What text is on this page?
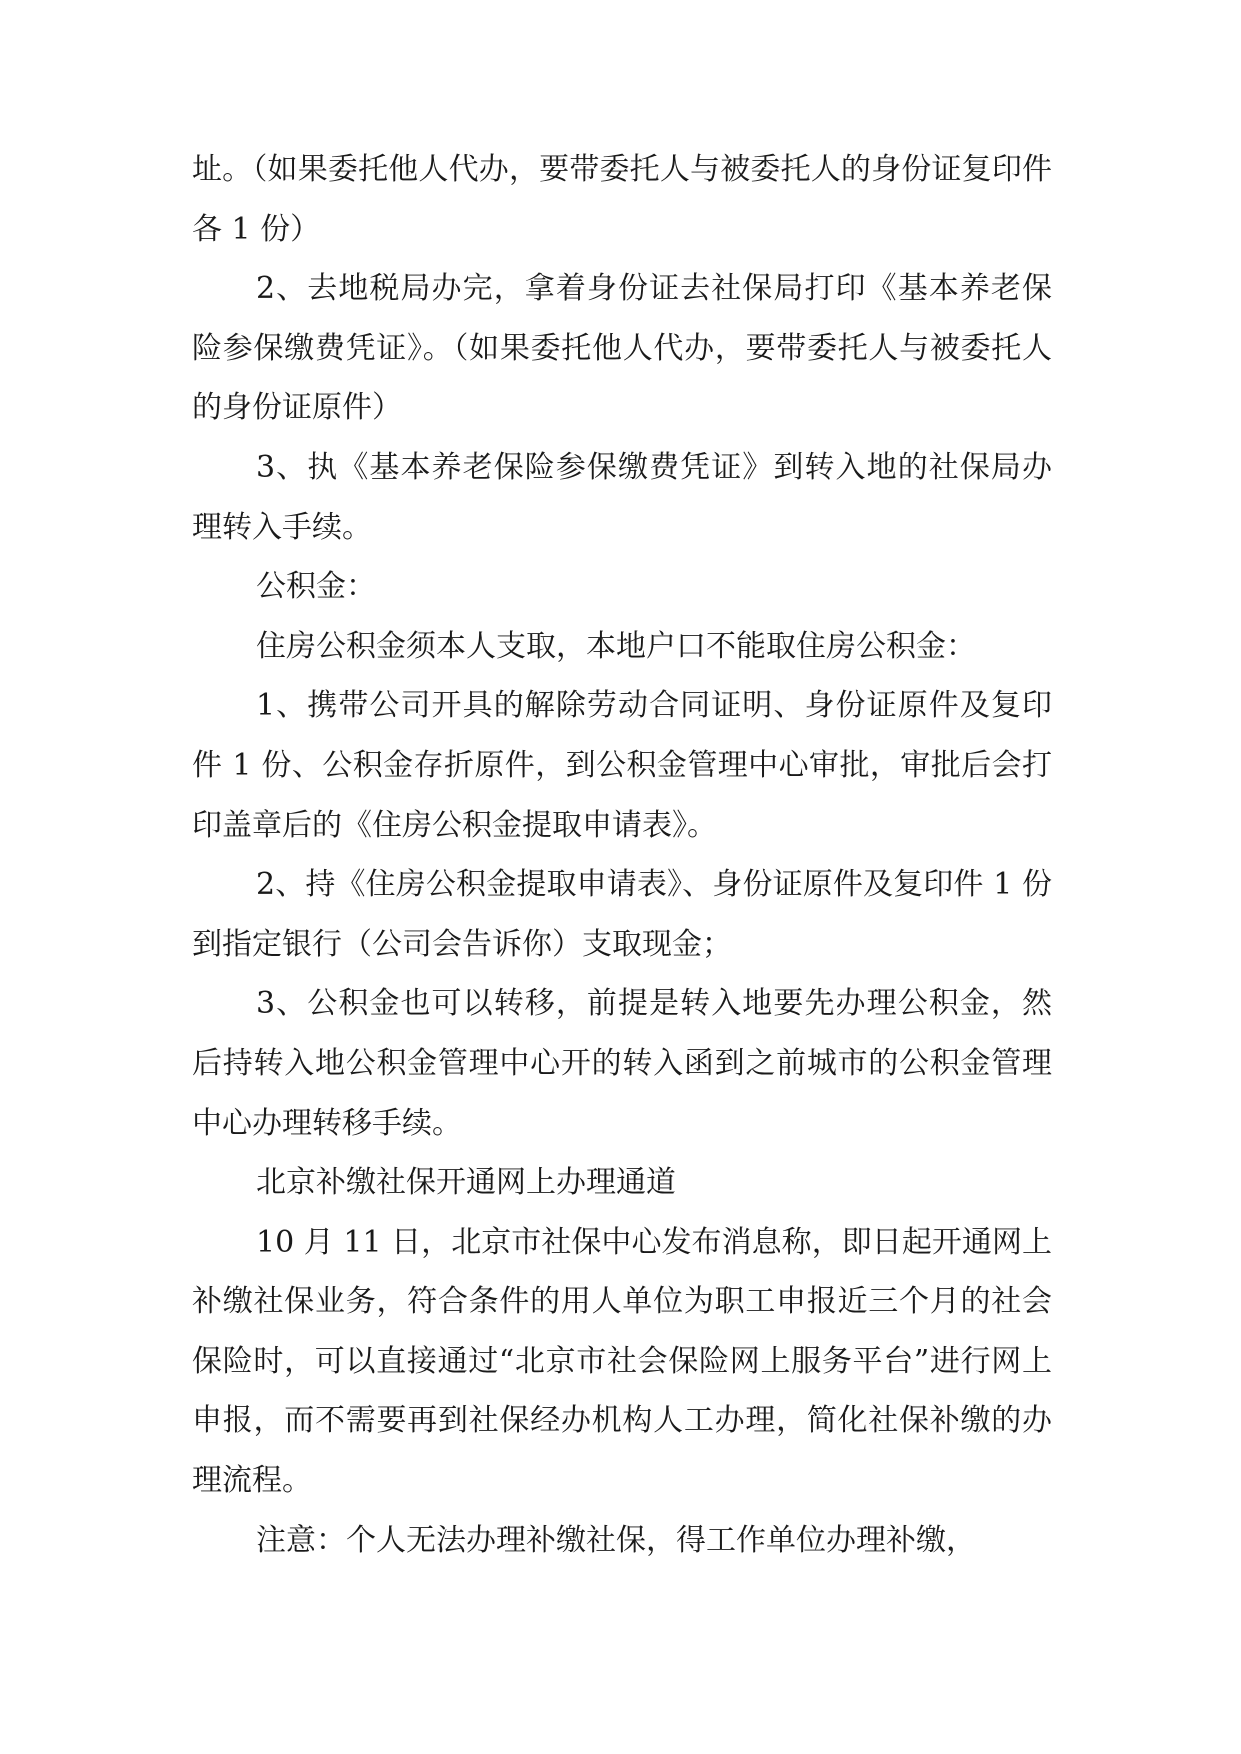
址。（如果委托他人代办，要带委托人与被委托人的身份证复印件各 1 份）

2、去地税局办完，拿着身份证去社保局打印《基本养老保险参保缴费凭证》。（如果委托他人代办，要带委托人与被委托人的身份证原件）

3、执《基本养老保险参保缴费凭证》到转入地的社保局办理转入手续。

公积金：

住房公积金须本人支取，本地户口不能取住房公积金：

1、携带公司开具的解除劳动合同证明、身份证原件及复印件 1 份、公积金存折原件，到公积金管理中心审批，审批后会打印盖章后的《住房公积金提取申请表》。

2、持《住房公积金提取申请表》、身份证原件及复印件 1 份到指定银行（公司会告诉你）支取现金；

3、公积金也可以转移，前提是转入地要先办理公积金，然后持转入地公积金管理中心开的转入函到之前城市的公积金管理中心办理转移手续。

北京补缴社保开通网上办理通道

10 月 11 日，北京市社保中心发布消息称，即日起开通网上补缴社保业务，符合条件的用人单位为职工申报近三个月的社会保险时，可以直接通过“北京市社会保险网上服务平台”进行网上申报，而不需要再到社保经办机构人工办理，简化社保补缴的办理流程。

注意：个人无法办理补缴社保，得工作单位办理补缴，
